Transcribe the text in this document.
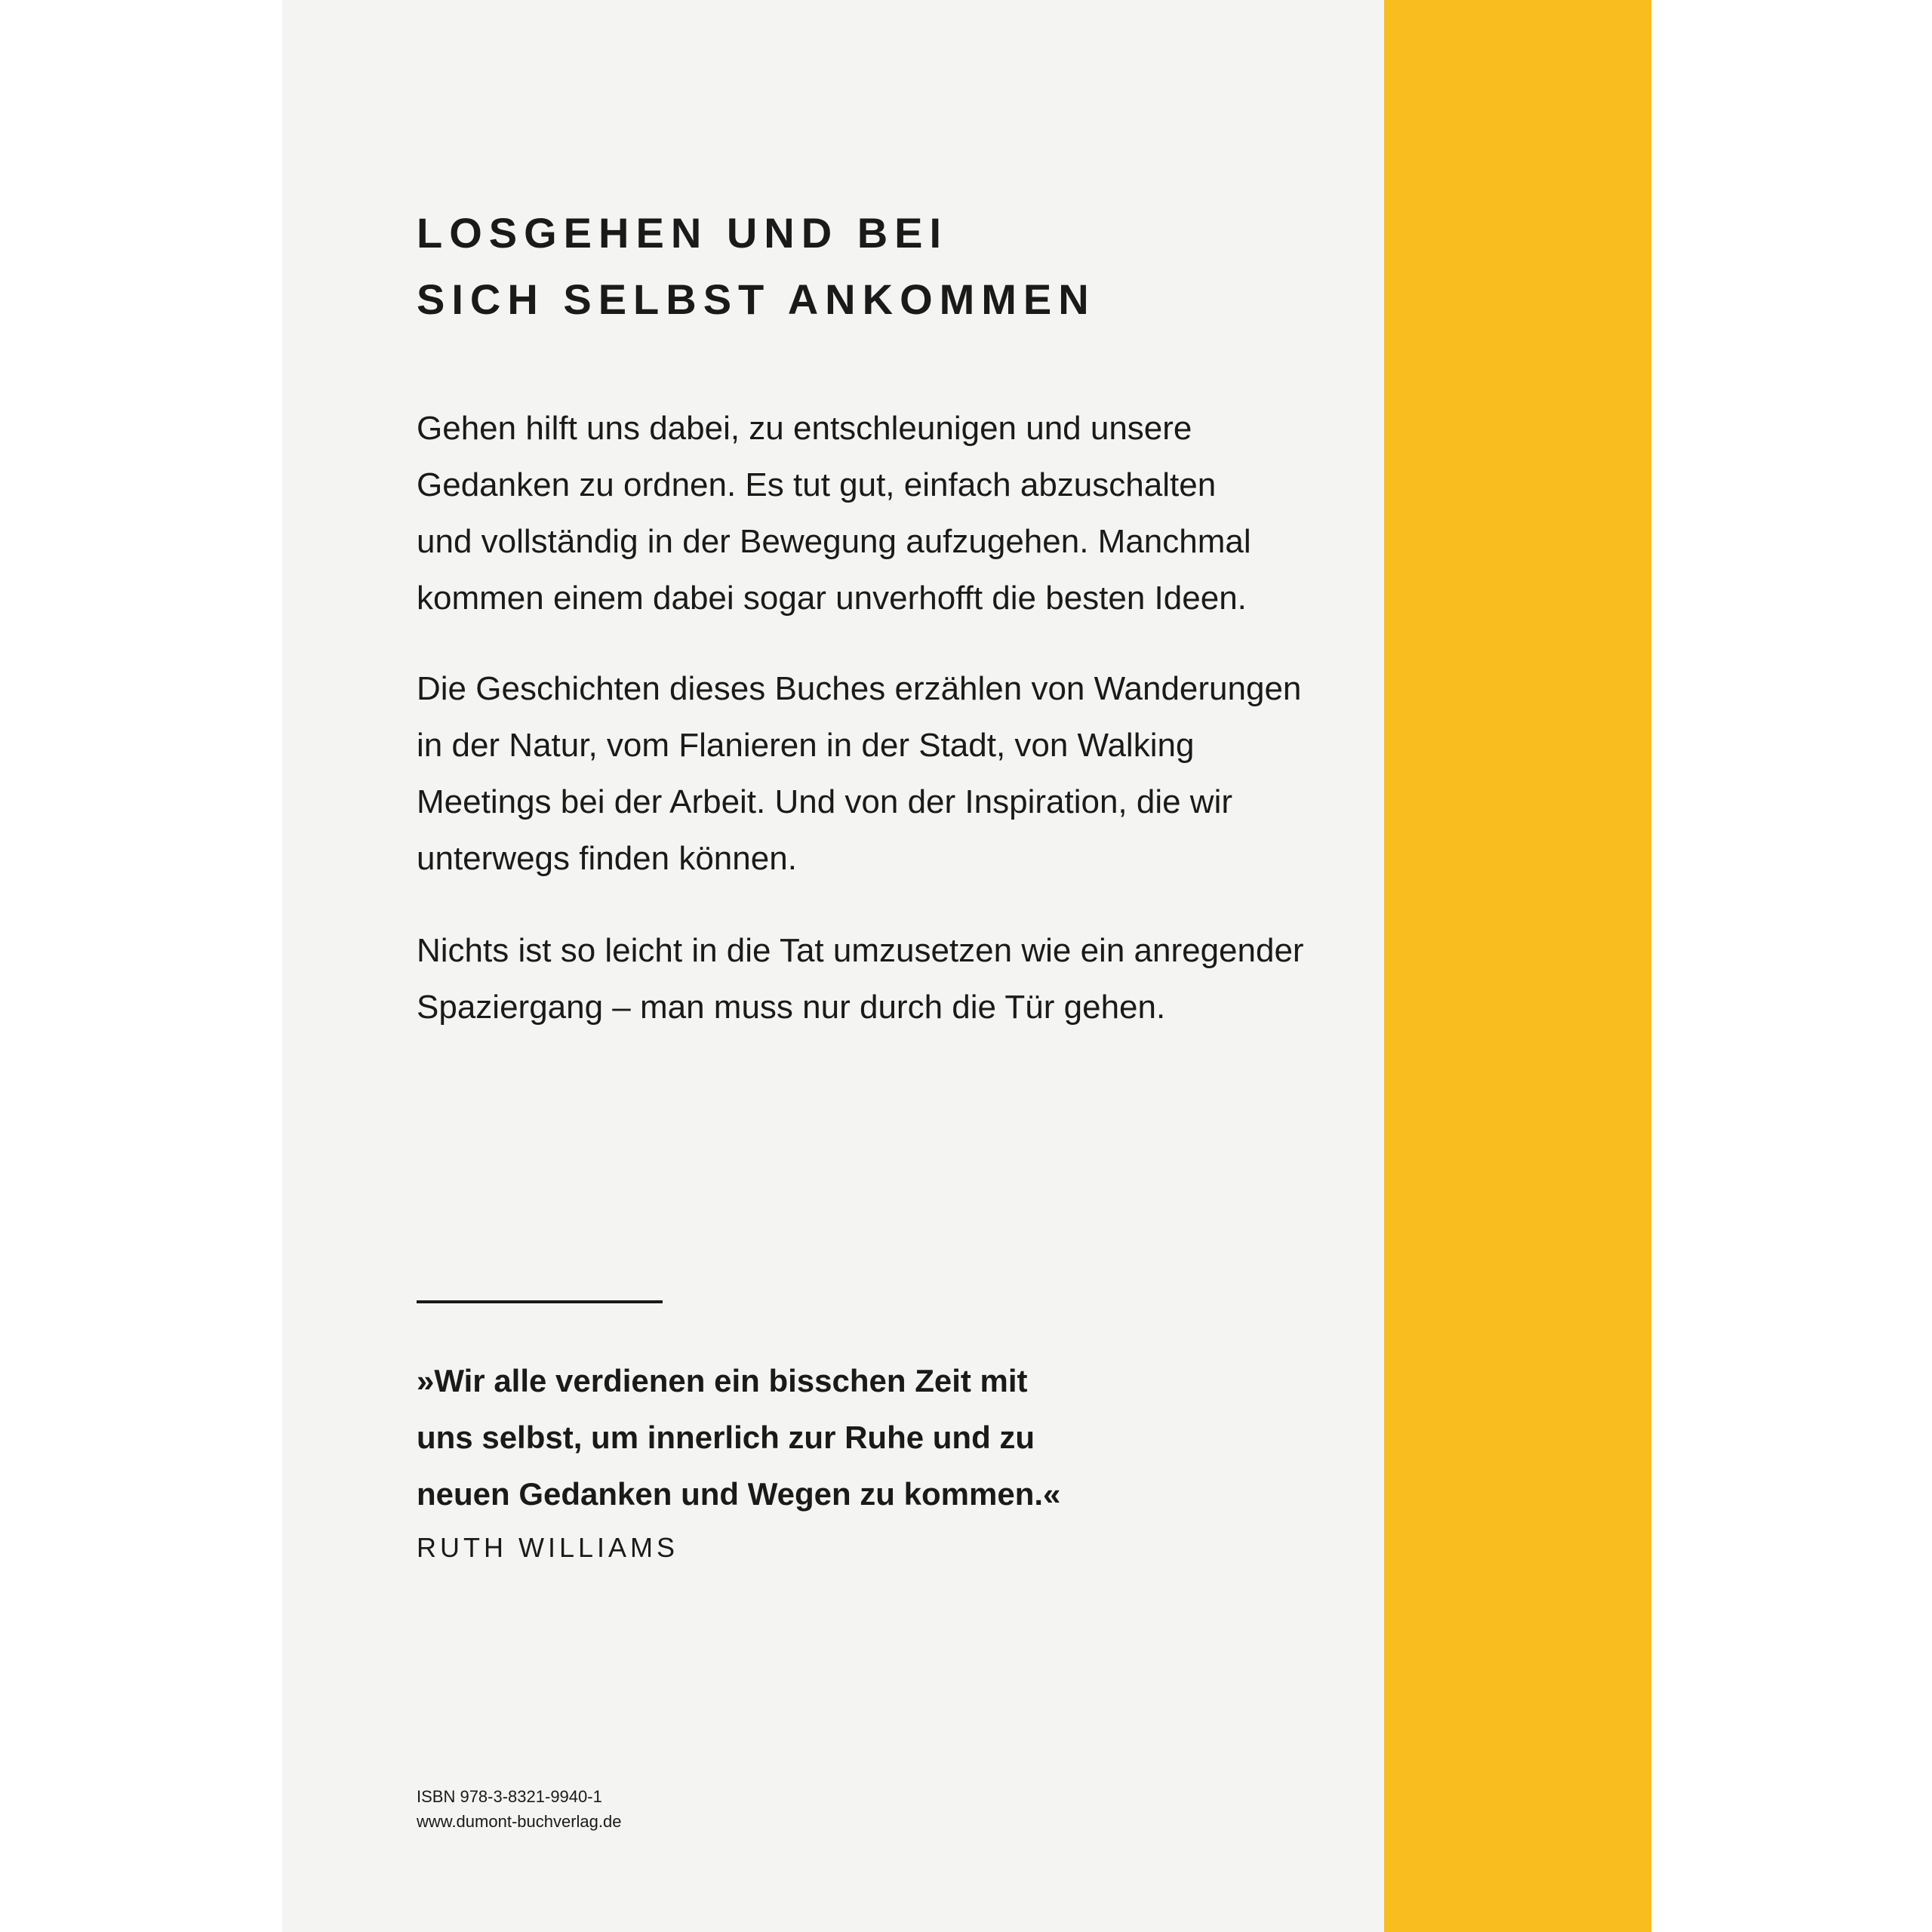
LOSGEHEN UND BEI
SICH SELBST ANKOMMEN
Gehen hilft uns dabei, zu entschleunigen und unsere
Gedanken zu ordnen. Es tut gut, einfach abzuschalten
und vollständig in der Bewegung aufzugehen. Manchmal
kommen einem dabei sogar unverhofft die besten Ideen.
Die Geschichten dieses Buches erzählen von Wanderungen
in der Natur, vom Flanieren in der Stadt, von Walking
Meetings bei der Arbeit. Und von der Inspiration, die wir
unterwegs finden können.
Nichts ist so leicht in die Tat umzusetzen wie ein anregender
Spaziergang – man muss nur durch die Tür gehen.
»Wir alle verdienen ein bisschen Zeit mit
uns selbst, um innerlich zur Ruhe und zu
neuen Gedanken und Wegen zu kommen.«
RUTH WILLIAMS
ISBN 978-3-8321-9940-1
www.dumont-buchverlag.de
